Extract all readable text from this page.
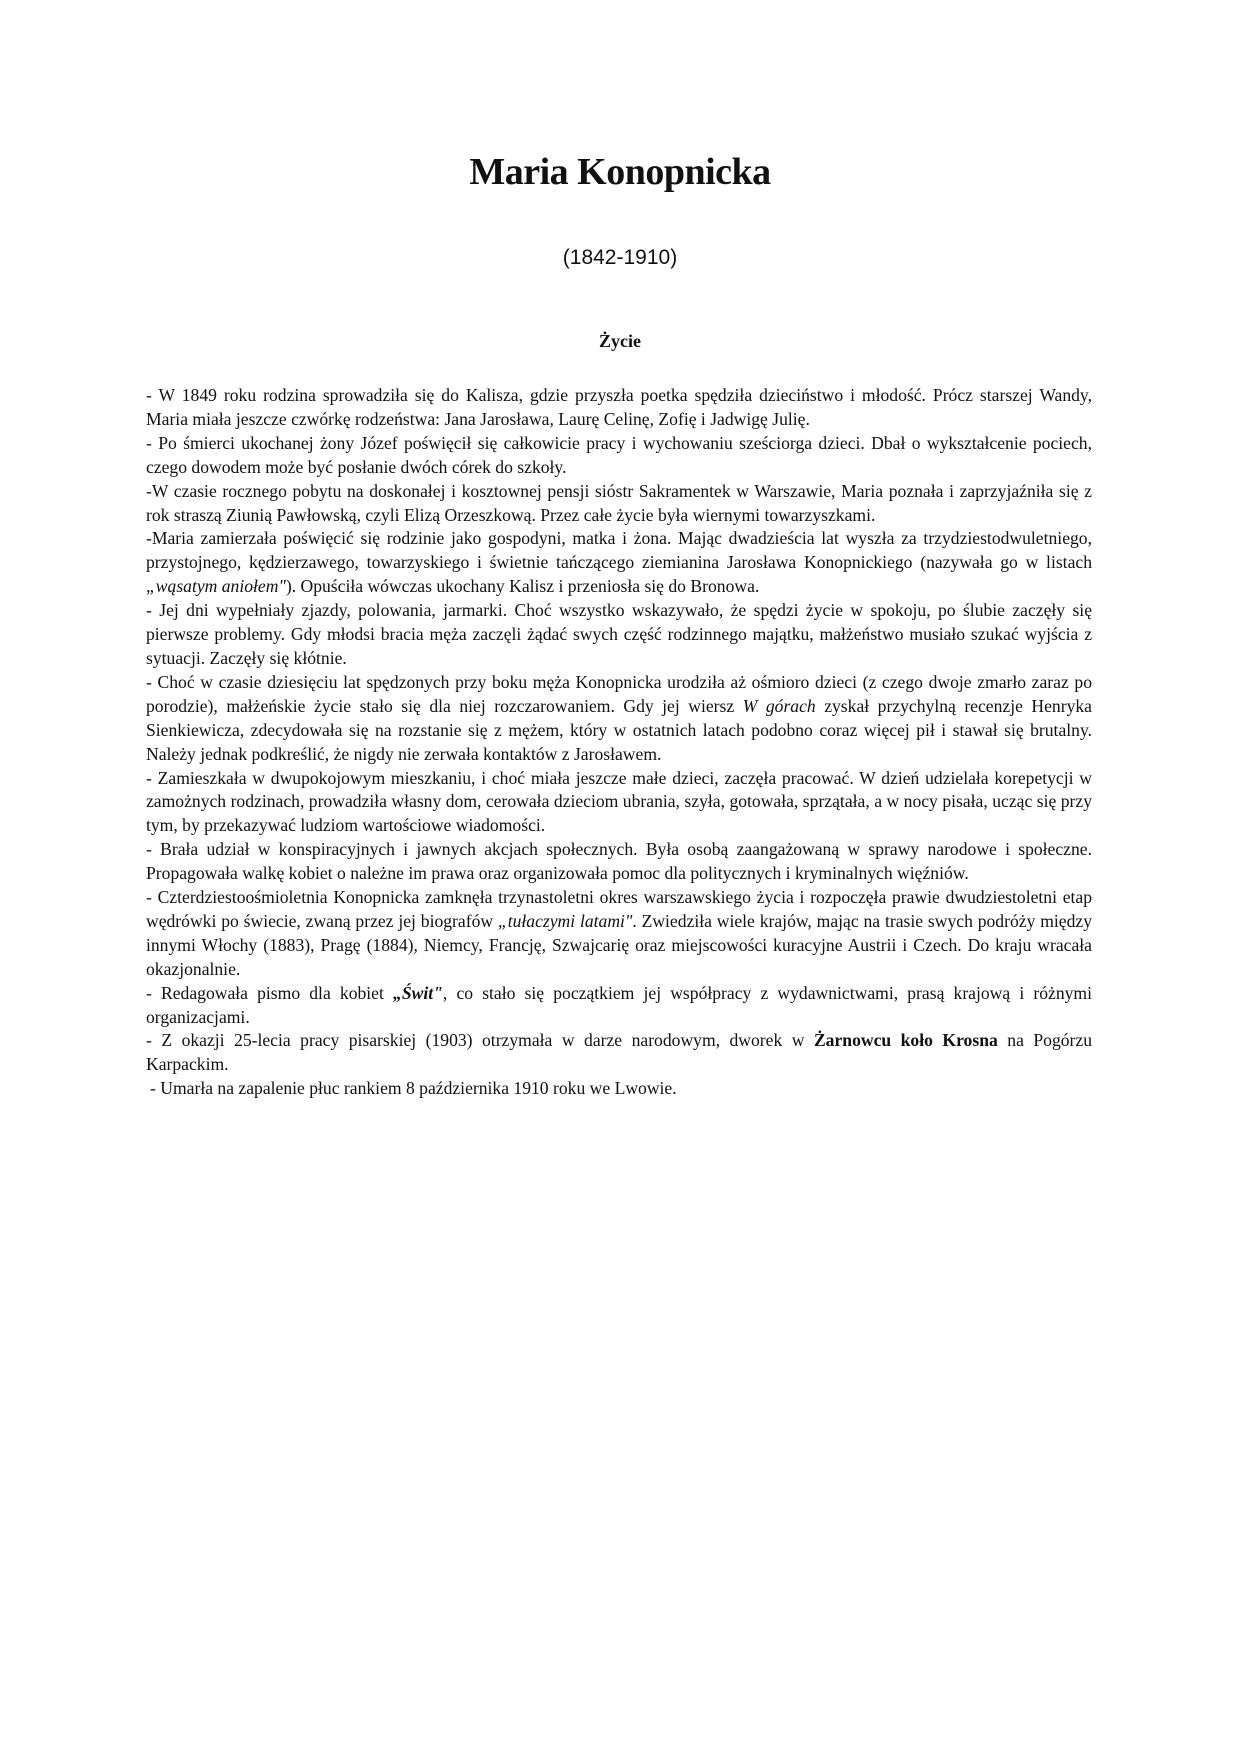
Maria Konopnicka

(1842-1910)

Życie

- W 1849 roku rodzina sprowadziła się do Kalisza, gdzie przyszła poetka spędziła dzieciństwo i młodość. Prócz starszej Wandy, Maria miała jeszcze czwórkę rodzeństwa: Jana Jarosława, Laurę Celinę, Zofię i Jadwigę Julię.

- Po śmierci ukochanej żony Józef poświęcił się całkowicie pracy i wychowaniu sześciorga dzieci. Dbał o wykształcenie pociech, czego dowodem może być posłanie dwóch córek do szkoły.

-W czasie rocznego pobytu na doskonałej i kosztownej pensji sióstr Sakramentek w Warszawie, Maria poznała i zaprzyjaźniła się z rok straszą Ziunią Pawłowską, czyli Elizą Orzeszkową. Przez całe życie była wiernymi towarzyszkami.

-Maria zamierzała poświęcić się rodzinie jako gospodyni, matka i żona. Mając dwadzieścia lat wyszła za trzydziestodwuletniego, przystojnego, kędzierzawego, towarzyskiego i świetnie tańczącego ziemianina Jarosława Konopnickiego (nazywała go w listach „wąsatym aniołem"). Opuściła wówczas ukochany Kalisz i przeniosła się do Bronowa.

- Jej dni wypełniały zjazdy, polowania, jarmarki. Choć wszystko wskazywało, że spędzi życie w spokoju, po ślubie zaczęły się pierwsze problemy. Gdy młodsi bracia męża zaczęli żądać swych część rodzinnego majątku, małżeństwo musiało szukać wyjścia z sytuacji. Zaczęły się kłótnie.

- Choć w czasie dziesięciu lat spędzonych przy boku męża Konopnicka urodziła aż ośmioro dzieci (z czego dwoje zmarło zaraz po porodzie), małżeńskie życie stało się dla niej rozczarowaniem. Gdy jej wiersz W górach zyskał przychylną recenzje Henryka Sienkiewicza, zdecydowała się na rozstanie się z mężem, który w ostatnich latach podobno coraz więcej pił i stawał się brutalny. Należy jednak podkreślić, że nigdy nie zerwała kontaktów z Jarosławem.

- Zamieszkała w dwupokojowym mieszkaniu, i choć miała jeszcze małe dzieci, zaczęła pracować. W dzień udzielała korepetycji w zamożnych rodzinach, prowadziła własny dom, cerowała dzieciom ubrania, szyła, gotowała, sprzątała, a w nocy pisała, ucząc się przy tym, by przekazywać ludziom wartościowe wiadomości.

- Brała udział w konspiracyjnych i jawnych akcjach społecznych. Była osobą zaangażowaną w sprawy narodowe i społeczne. Propagowała walkę kobiet o należne im prawa oraz organizowała pomoc dla politycznych i kryminalnych więźniów.

- Czterdziestoośmioletnia Konopnicka zamknęła trzynastoletni okres warszawskiego życia i rozpoczęła prawie dwudziestoletni etap wędrówki po świecie, zwaną przez jej biografów „tułaczymi latami". Zwiedziła wiele krajów, mając na trasie swych podróży między innymi Włochy (1883), Pragę (1884), Niemcy, Francję, Szwajcarię oraz miejscowości kuracyjne Austrii i Czech. Do kraju wracała okazjonalnie.

- Redagowała pismo dla kobiet „Świt", co stało się początkiem jej współpracy z wydawnictwami, prasą krajową i różnymi organizacjami.

- Z okazji 25-lecia pracy pisarskiej (1903) otrzymała w darze narodowym, dworek w Żarnowcu koło Krosna na Pogórzu Karpackim.

- Umarła na zapalenie płuc rankiem 8 października 1910 roku we Lwowie.
